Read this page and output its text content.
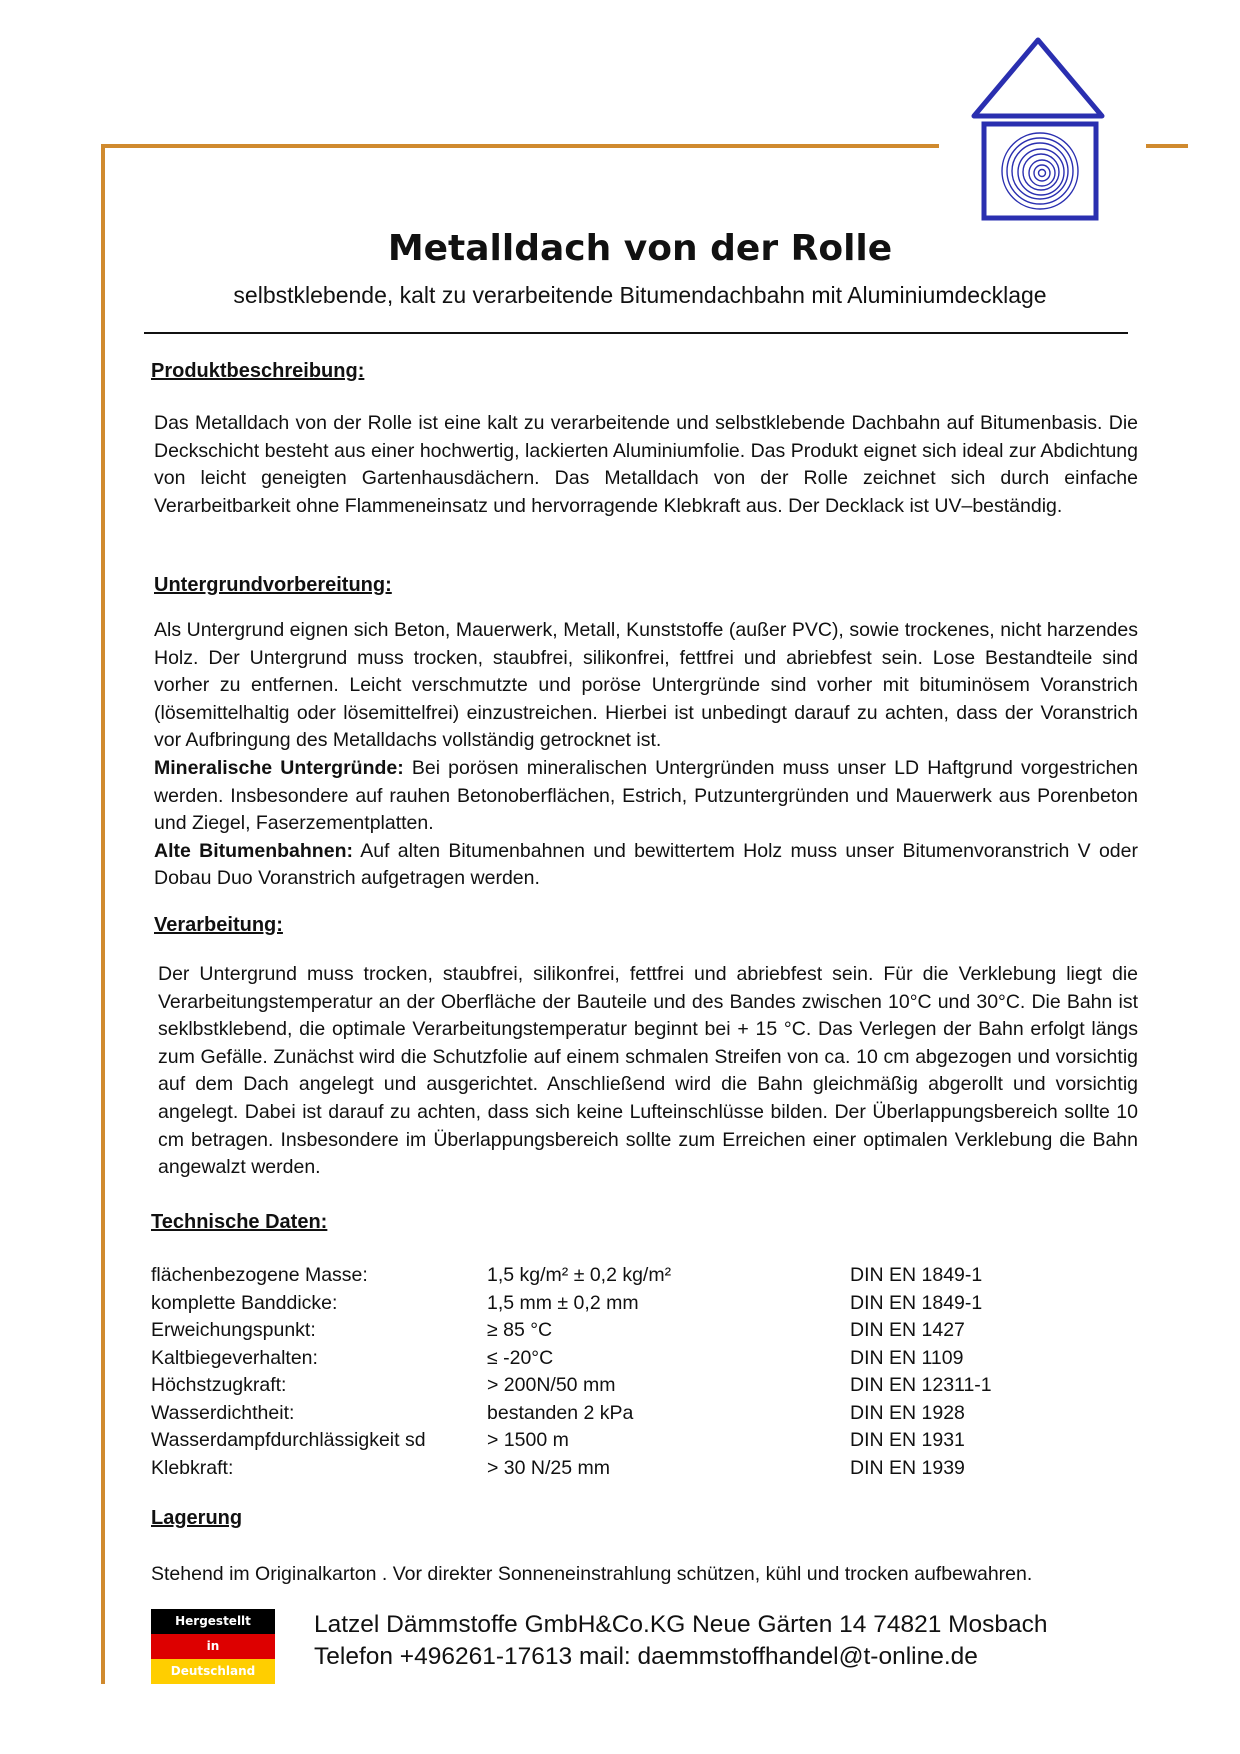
Metalldach von der Rolle

selbstklebende, kalt zu verarbeitende Bitumendachbahn mit Aluminiumdecklage

Produktbeschreibung:

Das Metalldach von der Rolle ist eine kalt zu verarbeitende und selbstklebende Dachbahn auf Bitumenbasis. Die Deckschicht besteht aus einer hochwertig, lackierten Aluminiumfolie. Das Produkt eignet sich ideal zur Abdichtung von leicht geneigten Gartenhausdächern. Das Metalldach von der Rolle zeichnet sich durch einfache Verarbeitbarkeit ohne Flammeneinsatz und hervorragende Klebkraft aus. Der Decklack ist UV–beständig.

Untergrundvorbereitung:
Als Untergrund eignen sich Beton, Mauerwerk, Metall, Kunststoffe (außer PVC), sowie trockenes, nicht harzendes Holz. Der Untergrund muss trocken, staubfrei, silikonfrei, fettfrei und abriebfest sein. Lose Bestandteile sind vorher zu entfernen. Leicht verschmutzte und poröse Untergründe sind vorher mit bituminösem Voranstrich (lösemittelhaltig oder lösemittelfrei) einzustreichen. Hierbei ist unbedingt darauf zu achten, dass der Voranstrich vor Aufbringung des Metalldachs vollständig getrocknet ist.
Mineralische Untergründe: Bei porösen mineralischen Untergründen muss unser LD Haftgrund vorgestrichen werden. Insbesondere auf rauhen Betonoberflächen, Estrich, Putzuntergründen und Mauerwerk aus Porenbeton und Ziegel, Faserzementplatten.
Alte Bitumenbahnen: Auf alten Bitumenbahnen und bewittertem Holz muss unser Bitumenvoranstrich V oder Dobau Duo Voranstrich aufgetragen werden.
Verarbeitung:

Der Untergrund muss trocken, staubfrei, silikonfrei, fettfrei und abriebfest sein. Für die Verklebung liegt die Verarbeitungstemperatur an der Oberfläche der Bauteile und des Bandes zwischen 10°C und 30°C. Die Bahn ist seklbstklebend, die optimale Verarbeitungstemperatur beginnt bei + 15 °C. Das Verlegen der Bahn erfolgt längs zum Gefälle. Zunächst wird die Schutzfolie auf einem schmalen Streifen von ca. 10 cm abgezogen und vorsichtig auf dem Dach angelegt und ausgerichtet. Anschließend wird die Bahn gleichmäßig abgerollt und vorsichtig angelegt. Dabei ist darauf zu achten, dass sich keine Lufteinschlüsse bilden. Der Überlappungsbereich sollte 10 cm betragen. Insbesondere im Überlappungsbereich sollte zum Erreichen einer optimalen Verklebung die Bahn angewalzt werden.

Technische Daten:
flächenbezogene Masse:
komplette Banddicke:
Erweichungspunkt:
Kaltbiegeverhalten:
Höchstzugkraft:
Wasserdichtheit:
Wasserdampfdurchlässigkeit sd
Klebkraft:
1,5 kg/m² ± 0,2 kg/m²
1,5 mm ± 0,2 mm
≥ 85 °C
≤ -20°C
> 200N/50 mm
bestanden 2 kPa
> 1500 m
> 30 N/25 mm
DIN EN 1849-1
DIN EN 1849-1
DIN EN 1427
DIN EN 1109
DIN EN 12311-1
DIN EN 1928
DIN EN 1931
DIN EN 1939
Lagerung

Stehend im Originalkarton . Vor direkter Sonneneinstrahlung schützen, kühl und trocken aufbewahren.

Hergestellt
in
Deutschland

Latzel Dämmstoffe GmbH&Co.KG Neue Gärten 14 74821 Mosbach

Telefon +496261-17613 mail: daemmstoffhandel@t-online.de
